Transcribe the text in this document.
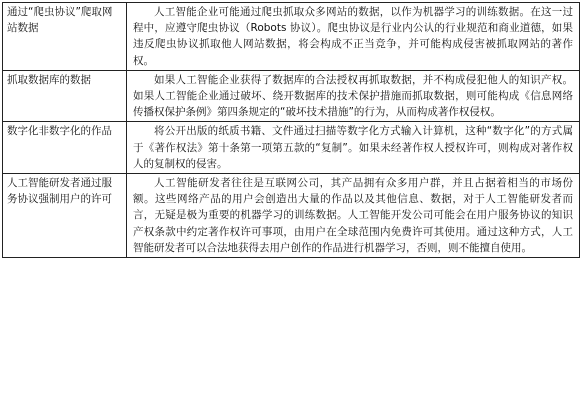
通过“爬虫协议”爬取网站数据	人工智能企业可能通过爬虫抓取众多网站的数据，以作为机器学习的训练数据。在这一过程中，应遵守爬虫协议（Robots 协议）。爬虫协议是行业内公认的行业规范和商业道德，如果违反爬虫协议抓取他人网站数据，将会构成不正当竞争，并可能构成侵害被抓取网站的著作权。
抓取数据库的数据	如果人工智能企业获得了数据库的合法授权再抓取数据，并不构成侵犯他人的知识产权。如果人工智能企业通过破坏、绕开数据库的技术保护措施而抓取数据，则可能构成《信息网络传播权保护条例》第四条规定的“破坏技术措施”的行为，从而构成著作权侵权。
数字化非数字化的作品	将公开出版的纸质书籍、文件通过扫描等数字化方式输入计算机，这种“数字化”的方式属于《著作权法》第十条第一项第五款的“复制”。如果未经著作权人授权许可，则构成对著作权人的复制权的侵害。
人工智能研发者通过服务协议强制用户的许可	人工智能研发者往往是互联网公司，其产品拥有众多用户群，并且占据着相当的市场份额。这些网络产品的用户会创造出大量的作品以及其他信息、数据，对于人工智能研发者而言，无疑是极为重要的机器学习的训练数据。人工智能开发公司可能会在用户服务协议的知识产权条款中约定著作权许可事项，由用户在全球范围内免费许可其使用。通过这种方式，人工智能研发者可以合法地获得去用户创作的作品进行机器学习，否则，则不能擅自使用。
